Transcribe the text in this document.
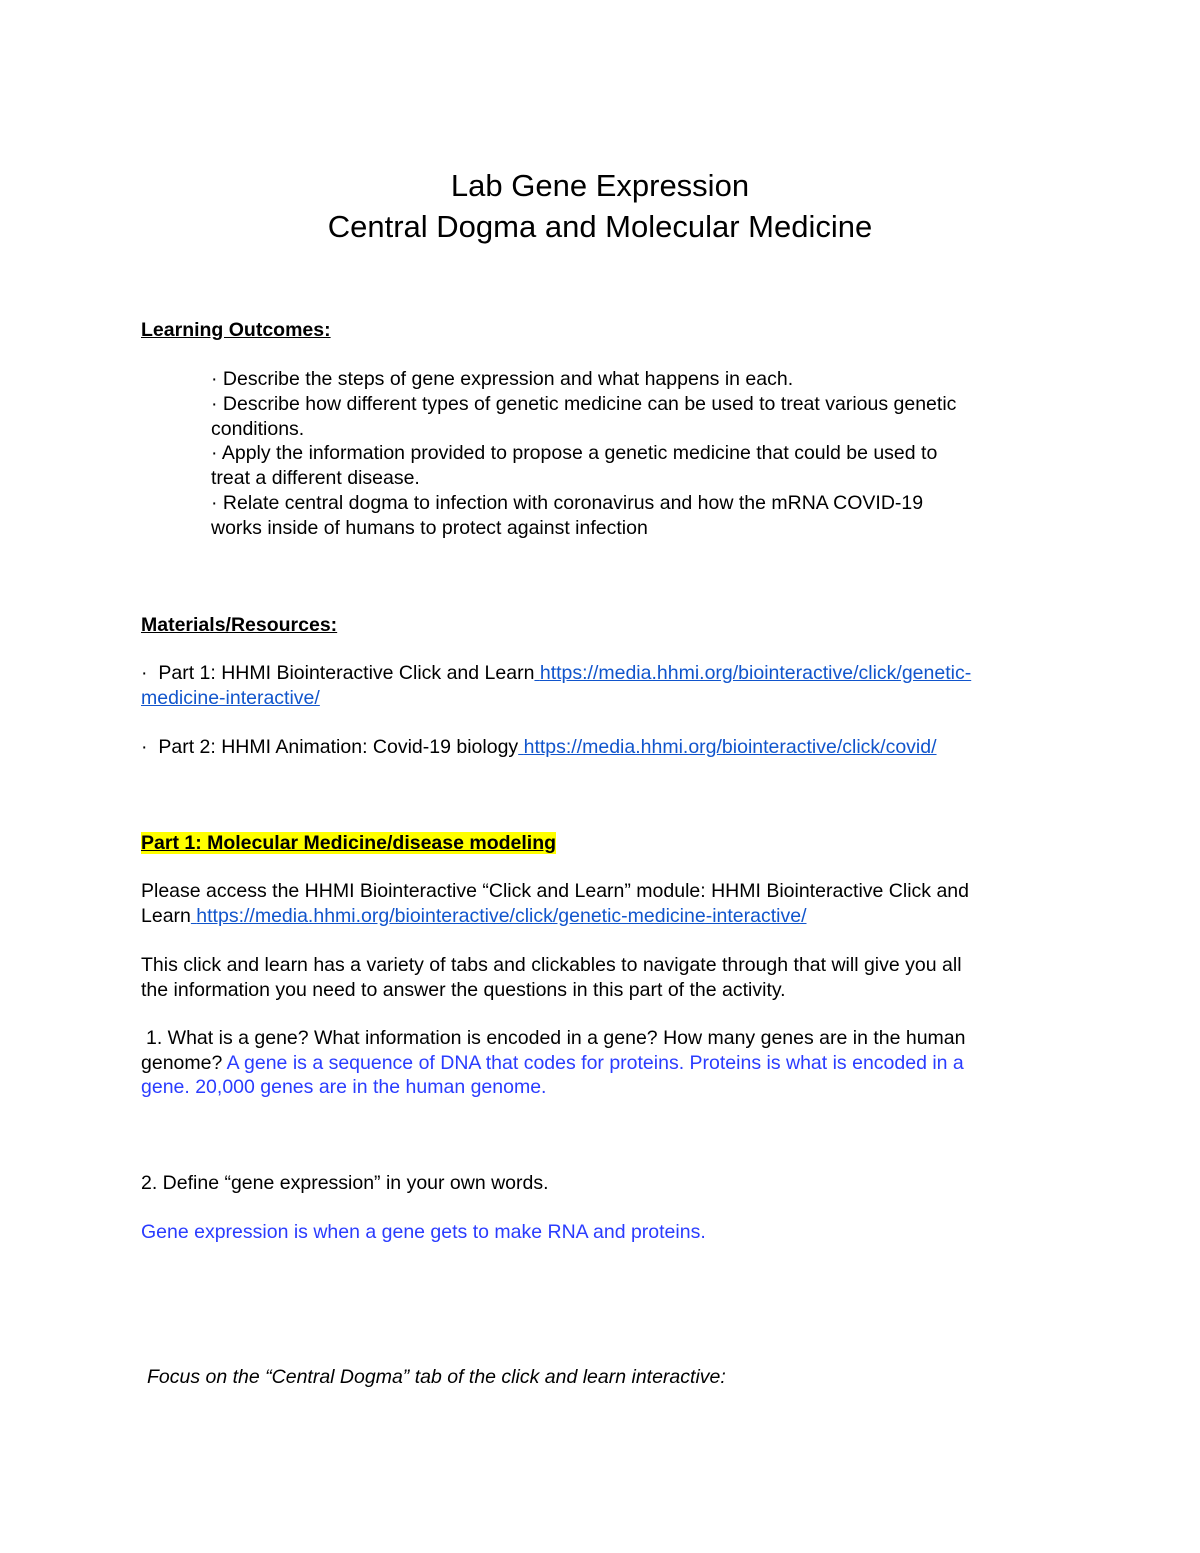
Lab Gene Expression
Central Dogma and Molecular Medicine
Learning Outcomes:
· Describe the steps of gene expression and what happens in each.
· Describe how different types of genetic medicine can be used to treat various genetic
conditions.
· Apply the information provided to propose a genetic medicine that could be used to
treat a different disease.
· Relate central dogma to infection with coronavirus and how the mRNA COVID-19
works inside of humans to protect against infection
Materials/Resources:
· Part 1: HHMI Biointeractive Click and Learn https://media.hhmi.org/biointeractive/click/genetic-
medicine-interactive/
· Part 2: HHMI Animation: Covid-19 biology https://media.hhmi.org/biointeractive/click/covid/
Part 1: Molecular Medicine/disease modeling
Please access the HHMI Biointeractive “Click and Learn” module: HHMI Biointeractive Click and
Learn https://media.hhmi.org/biointeractive/click/genetic-medicine-interactive/
This click and learn has a variety of tabs and clickables to navigate through that will give you all
the information you need to answer the questions in this part of the activity.
1. What is a gene? What information is encoded in a gene? How many genes are in the human
genome? A gene is a sequence of DNA that codes for proteins. Proteins is what is encoded in a
gene. 20,000 genes are in the human genome.
2. Define “gene expression” in your own words.
Gene expression is when a gene gets to make RNA and proteins.
Focus on the “Central Dogma” tab of the click and learn interactive:
